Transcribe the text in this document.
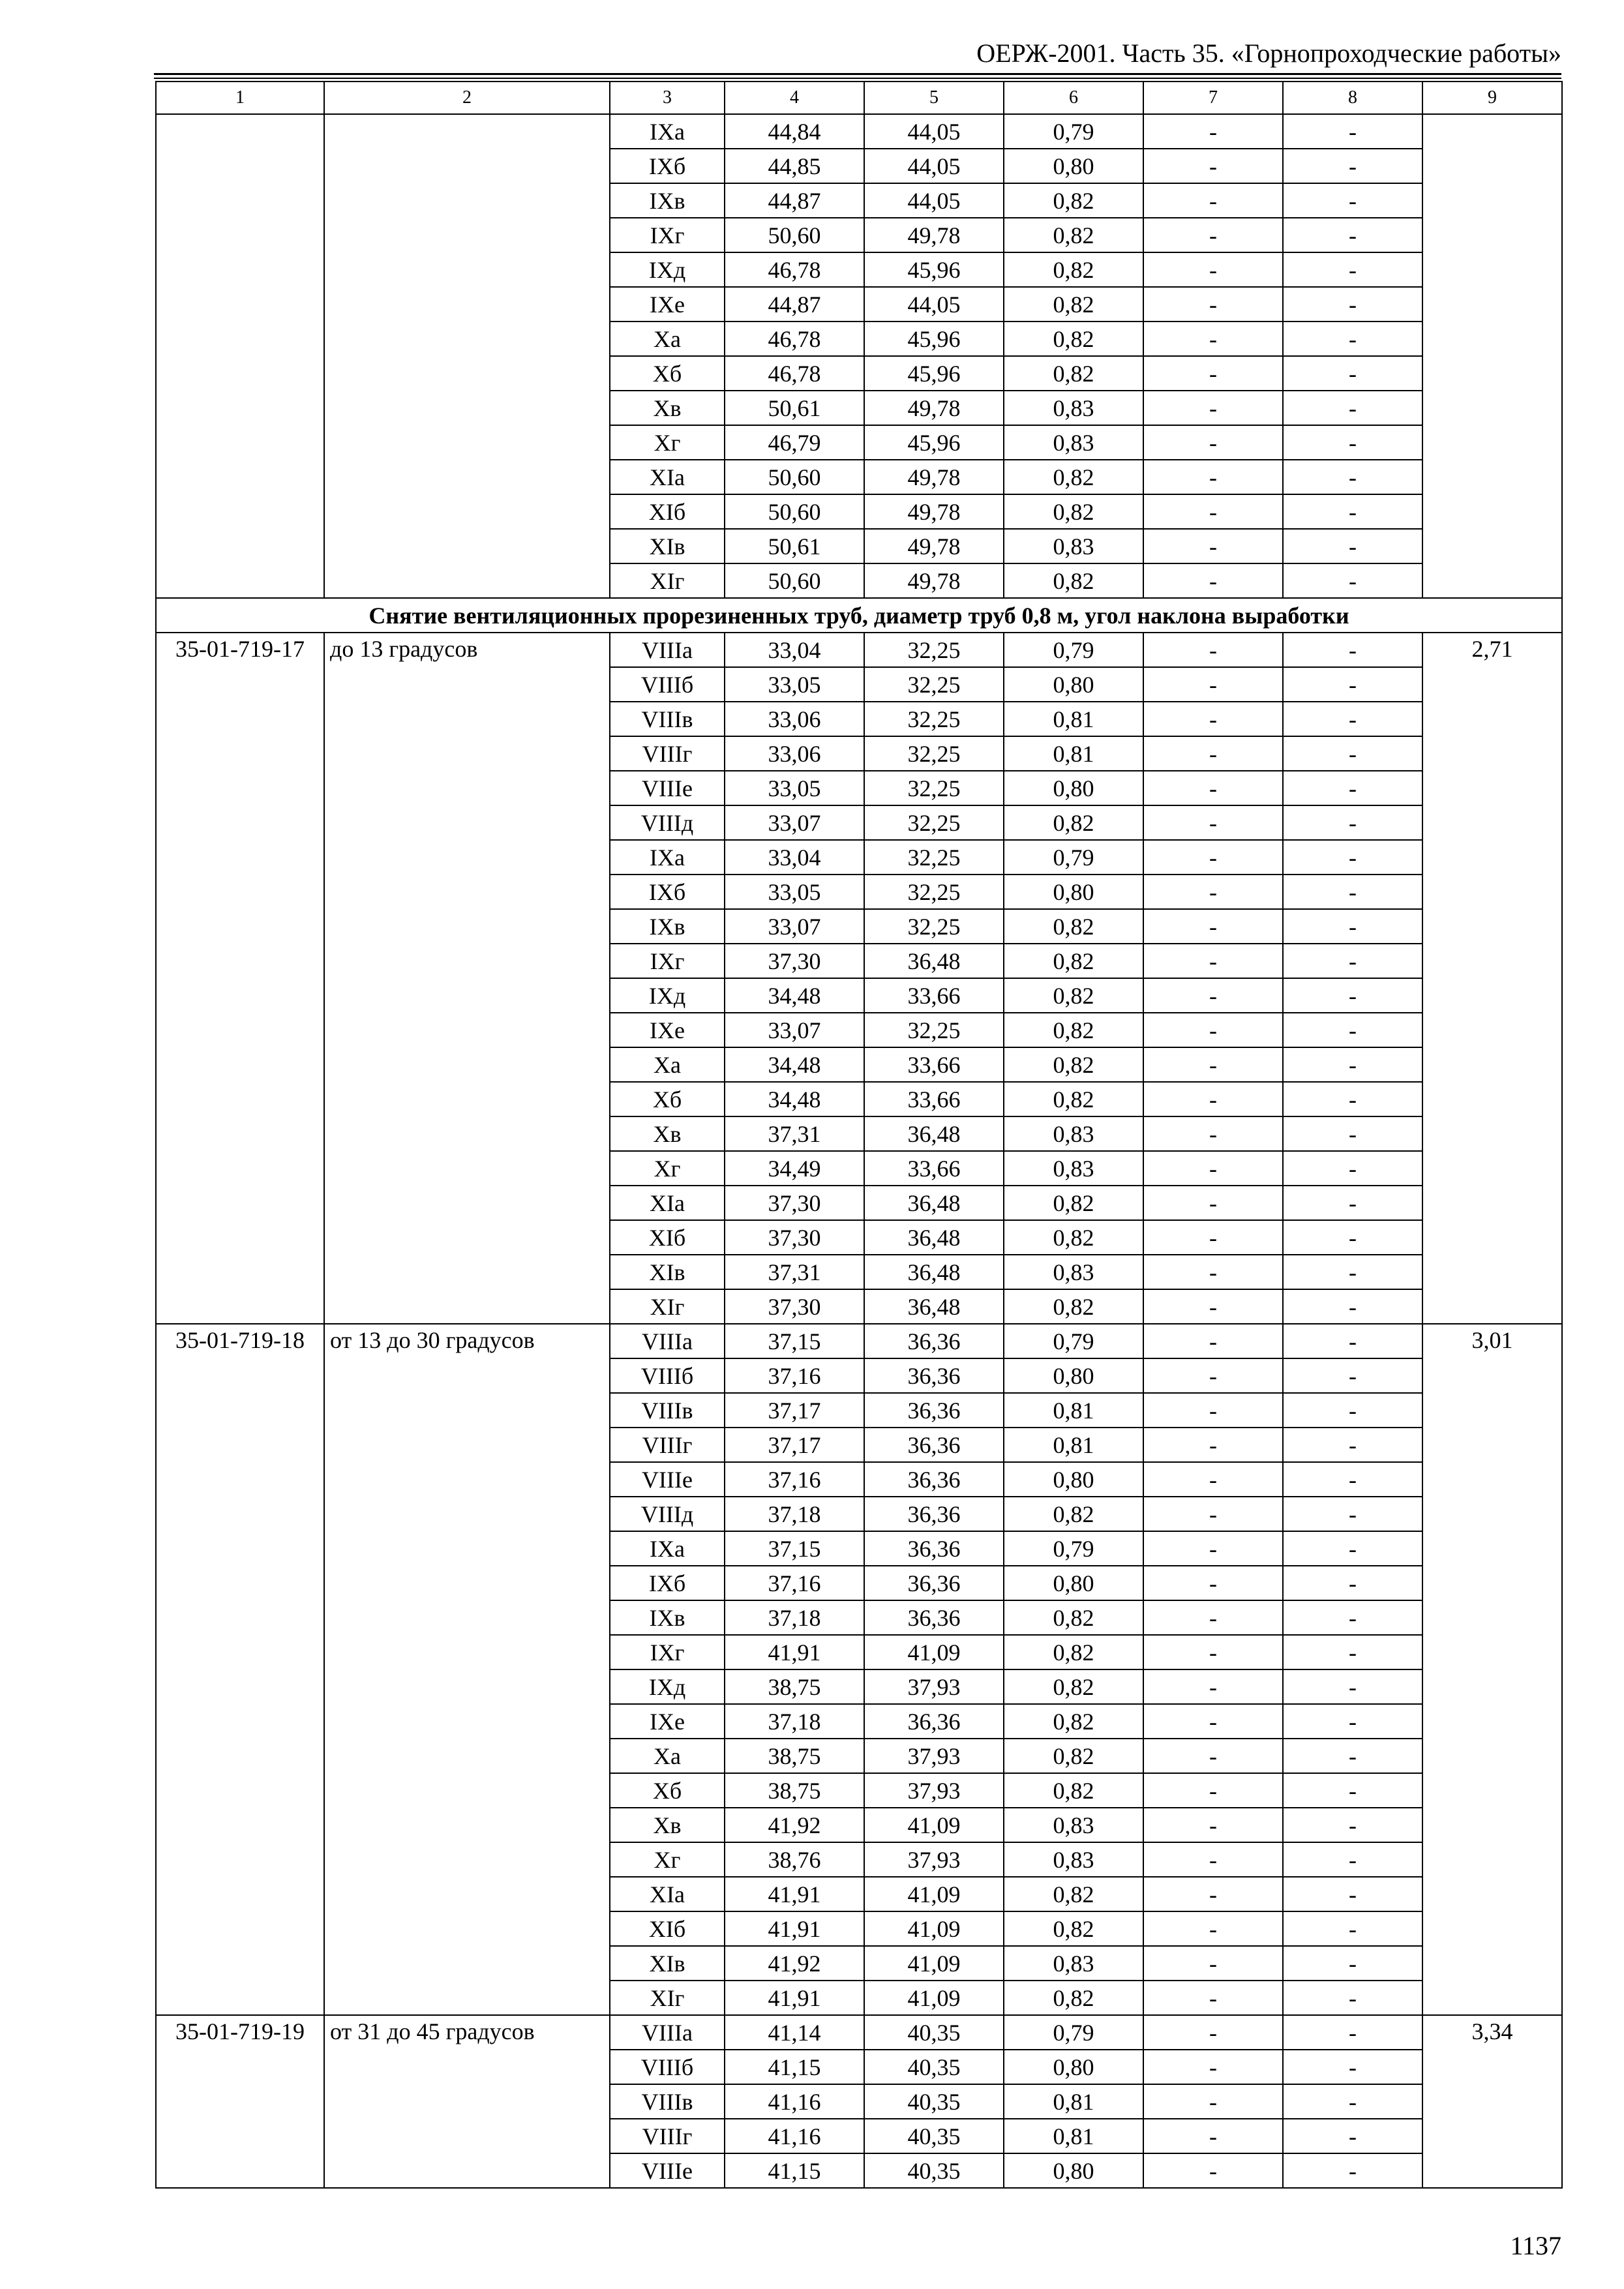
ОЕРЖ-2001. Часть 35. «Горнопроходческие работы»
1	2	3	4	5	6	7	8	9
		IXа	44,84	44,05	0,79	-	-	
		IXб	44,85	44,05	0,80	-	-	
		IXв	44,87	44,05	0,82	-	-	
		IXг	50,60	49,78	0,82	-	-	
		IXд	46,78	45,96	0,82	-	-	
		IXе	44,87	44,05	0,82	-	-	
		Xа	46,78	45,96	0,82	-	-	
		Xб	46,78	45,96	0,82	-	-	
		Xв	50,61	49,78	0,83	-	-	
		Xг	46,79	45,96	0,83	-	-	
		XIа	50,60	49,78	0,82	-	-	
		XIб	50,60	49,78	0,82	-	-	
		XIв	50,61	49,78	0,83	-	-	
		XIг	50,60	49,78	0,82	-	-	
Снятие вентиляционных прорезиненных труб, диаметр труб 0,8 м, угол наклона выработки								
35-01-719-17	до 13 градусов	VIIIа	33,04	32,25	0,79	-	-	2,71
		VIIIб	33,05	32,25	0,80	-	-	
		VIIIв	33,06	32,25	0,81	-	-	
		VIIIг	33,06	32,25	0,81	-	-	
		VIIIе	33,05	32,25	0,80	-	-	
		VIIIд	33,07	32,25	0,82	-	-	
		IXа	33,04	32,25	0,79	-	-	
		IXб	33,05	32,25	0,80	-	-	
		IXв	33,07	32,25	0,82	-	-	
		IXг	37,30	36,48	0,82	-	-	
		IXд	34,48	33,66	0,82	-	-	
		IXе	33,07	32,25	0,82	-	-	
		Xа	34,48	33,66	0,82	-	-	
		Xб	34,48	33,66	0,82	-	-	
		Xв	37,31	36,48	0,83	-	-	
		Xг	34,49	33,66	0,83	-	-	
		XIа	37,30	36,48	0,82	-	-	
		XIб	37,30	36,48	0,82	-	-	
		XIв	37,31	36,48	0,83	-	-	
		XIг	37,30	36,48	0,82	-	-	
35-01-719-18	от 13 до 30 градусов	VIIIа	37,15	36,36	0,79	-	-	3,01
		VIIIб	37,16	36,36	0,80	-	-	
		VIIIв	37,17	36,36	0,81	-	-	
		VIIIг	37,17	36,36	0,81	-	-	
		VIIIе	37,16	36,36	0,80	-	-	
		VIIIд	37,18	36,36	0,82	-	-	
		IXа	37,15	36,36	0,79	-	-	
		IXб	37,16	36,36	0,80	-	-	
		IXв	37,18	36,36	0,82	-	-	
		IXг	41,91	41,09	0,82	-	-	
		IXд	38,75	37,93	0,82	-	-	
		IXе	37,18	36,36	0,82	-	-	
		Xа	38,75	37,93	0,82	-	-	
		Xб	38,75	37,93	0,82	-	-	
		Xв	41,92	41,09	0,83	-	-	
		Xг	38,76	37,93	0,83	-	-	
		XIа	41,91	41,09	0,82	-	-	
		XIб	41,91	41,09	0,82	-	-	
		XIв	41,92	41,09	0,83	-	-	
		XIг	41,91	41,09	0,82	-	-	
35-01-719-19	от 31 до 45 градусов	VIIIа	41,14	40,35	0,79	-	-	3,34
		VIIIб	41,15	40,35	0,80	-	-	
		VIIIв	41,16	40,35	0,81	-	-	
		VIIIг	41,16	40,35	0,81	-	-	
		VIIIе	41,15	40,35	0,80	-	-	
1137
